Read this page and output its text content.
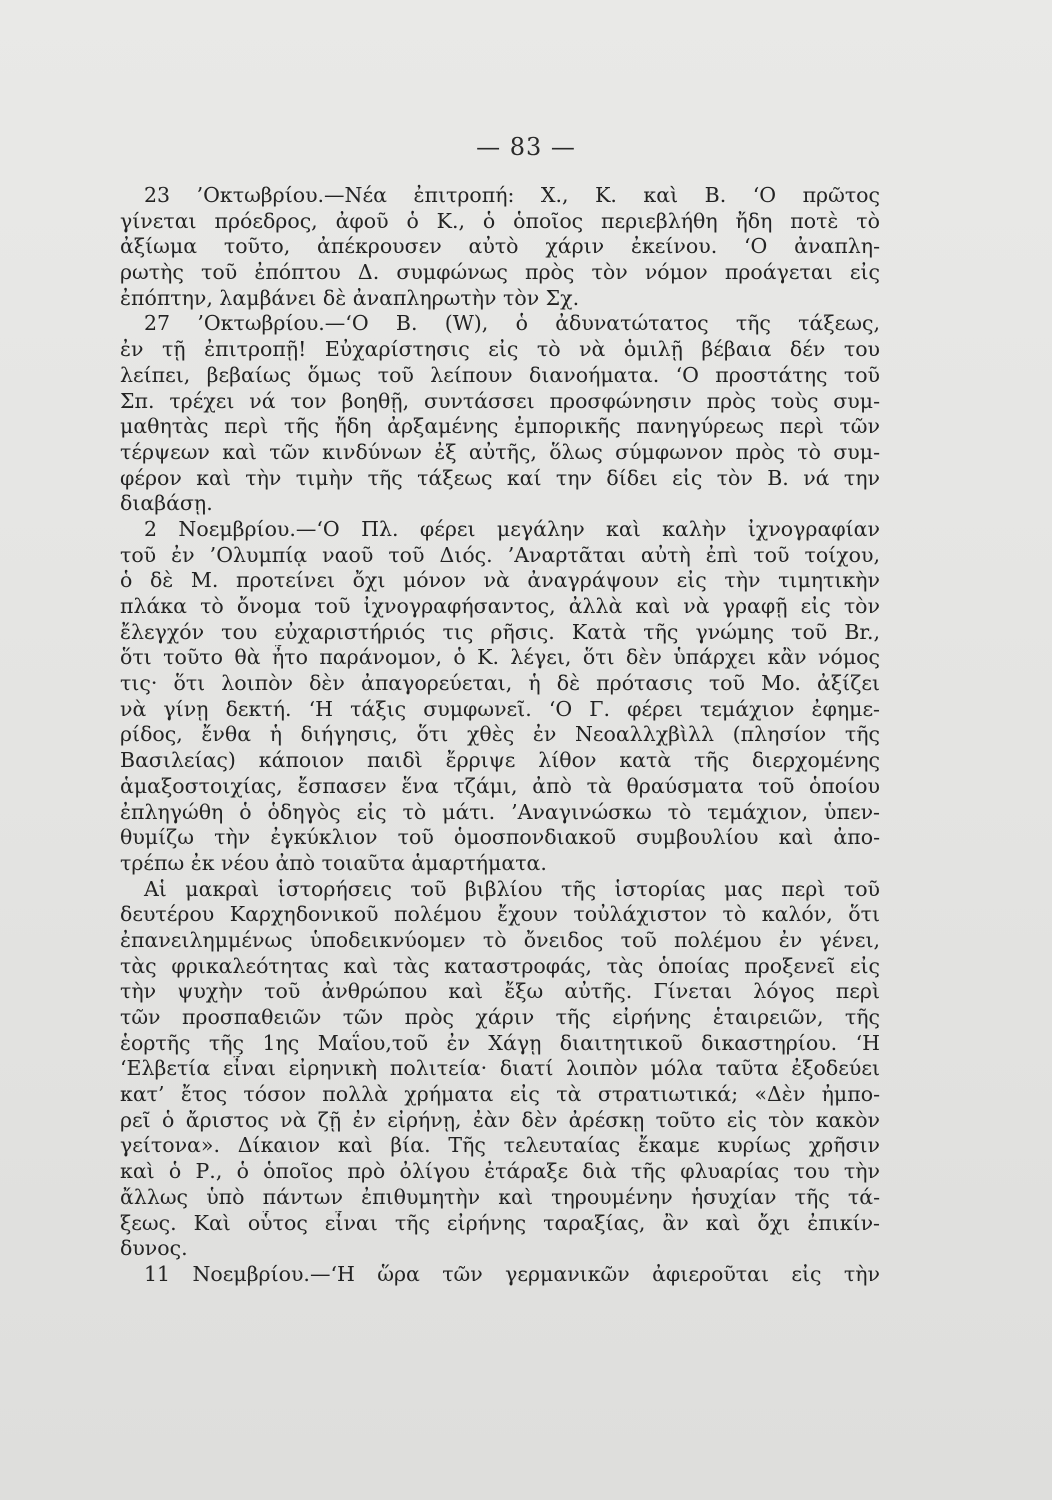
— 83 —
23 ’Οκτωβρίου.—Νέα ἐπιτροπή: Χ., Κ. καὶ Β. ‘Ο πρῶτος
γίνεται πρόεδρος, ἀφοῦ ὁ Κ., ὁ ὁποῖος περιεβλήθη ἤδη ποτὲ τὸ
ἀξίωμα τοῦτο, ἀπέκρουσεν αὐτὸ χάριν ἐκείνου. ‘Ο ἀναπλη-
ρωτὴς τοῦ ἐπόπτου Δ. συμφώνως πρὸς τὸν νόμον προάγεται εἰς
ἐπόπτην, λαμβάνει δὲ ἀναπληρωτὴν τὸν Σχ.
27 ’Οκτωβρίου.—‘Ο Β. (W), ὁ ἀδυνατώτατος τῆς τάξεως,
ἐν τῇ ἐπιτροπῇ! Εὐχαρίστησις εἰς τὸ νὰ ὁμιλῇ βέβαια δέν του
λείπει, βεβαίως ὅμως τοῦ λείπουν διανοήματα. ‘Ο προστάτης τοῦ
Σπ. τρέχει νά τον βοηθῇ, συντάσσει προσφώνησιν πρὸς τοὺς συμ-
μαθητὰς περὶ τῆς ἤδη ἀρξαμένης ἐμπορικῆς πανηγύρεως περὶ τῶν
τέρψεων καὶ τῶν κινδύνων ἐξ αὐτῆς, ὅλως σύμφωνον πρὸς τὸ συμ-
φέρον καὶ τὴν τιμὴν τῆς τάξεως καί την δίδει εἰς τὸν Β. νά την
διαβάσῃ.
2 Νοεμβρίου.—‘Ο Πλ. φέρει μεγάλην καὶ καλὴν ἰχνογραφίαν
τοῦ ἐν ’Ολυμπίᾳ ναοῦ τοῦ Διός. ’Αναρτᾶται αὐτὴ ἐπὶ τοῦ τοίχου,
ὁ δὲ Μ. προτείνει ὄχι μόνον νὰ ἀναγράψουν εἰς τὴν τιμητικὴν
πλάκα τὸ ὄνομα τοῦ ἰχνογραφήσαντος, ἀλλὰ καὶ νὰ γραφῇ εἰς τὸν
ἔλεγχόν του εὐχαριστήριός τις ρῆσις. Κατὰ τῆς γνώμης τοῦ Br.,
ὅτι τοῦτο θὰ ἦτο παράνομον, ὁ Κ. λέγει, ὅτι δὲν ὑπάρχει κἂν νόμος
τις· ὅτι λοιπὸν δὲν ἀπαγορεύεται, ἡ δὲ πρότασις τοῦ Μο. ἀξίζει
νὰ γίνῃ δεκτή. ‘Η τάξις συμφωνεῖ. ‘Ο Γ. φέρει τεμάχιον ἐφημε-
ρίδος, ἔνθα ἡ διήγησις, ὅτι χθὲς ἐν Νεοαλλχβὶλλ (πλησίον τῆς
Βασιλείας) κάποιον παιδὶ ἔρριψε λίθον κατὰ τῆς διερχομένης
ἁμαξοστοιχίας, ἔσπασεν ἕνα τζάμι, ἀπὸ τὰ θραύσματα τοῦ ὁποίου
ἐπληγώθη ὁ ὁδηγὸς εἰς τὸ μάτι. ’Αναγινώσκω τὸ τεμάχιον, ὑπεν-
θυμίζω τὴν ἐγκύκλιον τοῦ ὁμοσπονδιακοῦ συμβουλίου καὶ ἀπο-
τρέπω ἐκ νέου ἀπὸ τοιαῦτα ἁμαρτήματα.
Αἱ μακραὶ ἱστορήσεις τοῦ βιβλίου τῆς ἱστορίας μας περὶ τοῦ
δευτέρου Καρχηδονικοῦ πολέμου ἔχουν τοὐλάχιστον τὸ καλόν, ὅτι
ἐπανειλημμένως ὑποδεικνύομεν τὸ ὄνειδος τοῦ πολέμου ἐν γένει,
τὰς φρικαλεότητας καὶ τὰς καταστροφάς, τὰς ὁποίας προξενεῖ εἰς
τὴν ψυχὴν τοῦ ἀνθρώπου καὶ ἔξω αὐτῆς. Γίνεται λόγος περὶ
τῶν προσπαθειῶν τῶν πρὸς χάριν τῆς εἰρήνης ἑταιρειῶν, τῆς
ἑορτῆς τῆς 1ης Μαΐου,τοῦ ἐν Χάγῃ διαιτητικοῦ δικαστηρίου. ‘Η
‘Ελβετία εἶναι εἰρηνικὴ πολιτεία· διατί λοιπὸν μόλα ταῦτα ἐξοδεύει
κατ’ ἔτος τόσον πολλὰ χρήματα εἰς τὰ στρατιωτικά; «Δὲν ἠμπο-
ρεῖ ὁ ἄριστος νὰ ζῇ ἐν εἰρήνῃ, ἐὰν δὲν ἀρέσκῃ τοῦτο εἰς τὸν κακὸν
γείτονα». Δίκαιον καὶ βία. Τῆς τελευταίας ἔκαμε κυρίως χρῆσιν
καὶ ὁ Ρ., ὁ ὁποῖος πρὸ ὀλίγου ἐτάραξε διὰ τῆς φλυαρίας του τὴν
ἄλλως ὑπὸ πάντων ἐπιθυμητὴν καὶ τηρουμένην ἡσυχίαν τῆς τά-
ξεως. Καὶ οὗτος εἶναι τῆς εἰρήνης ταραξίας, ἂν καὶ ὄχι ἐπικίν-
δυνος.
11 Νοεμβρίου.—‘Η ὥρα τῶν γερμανικῶν ἀφιεροῦται εἰς τὴν
